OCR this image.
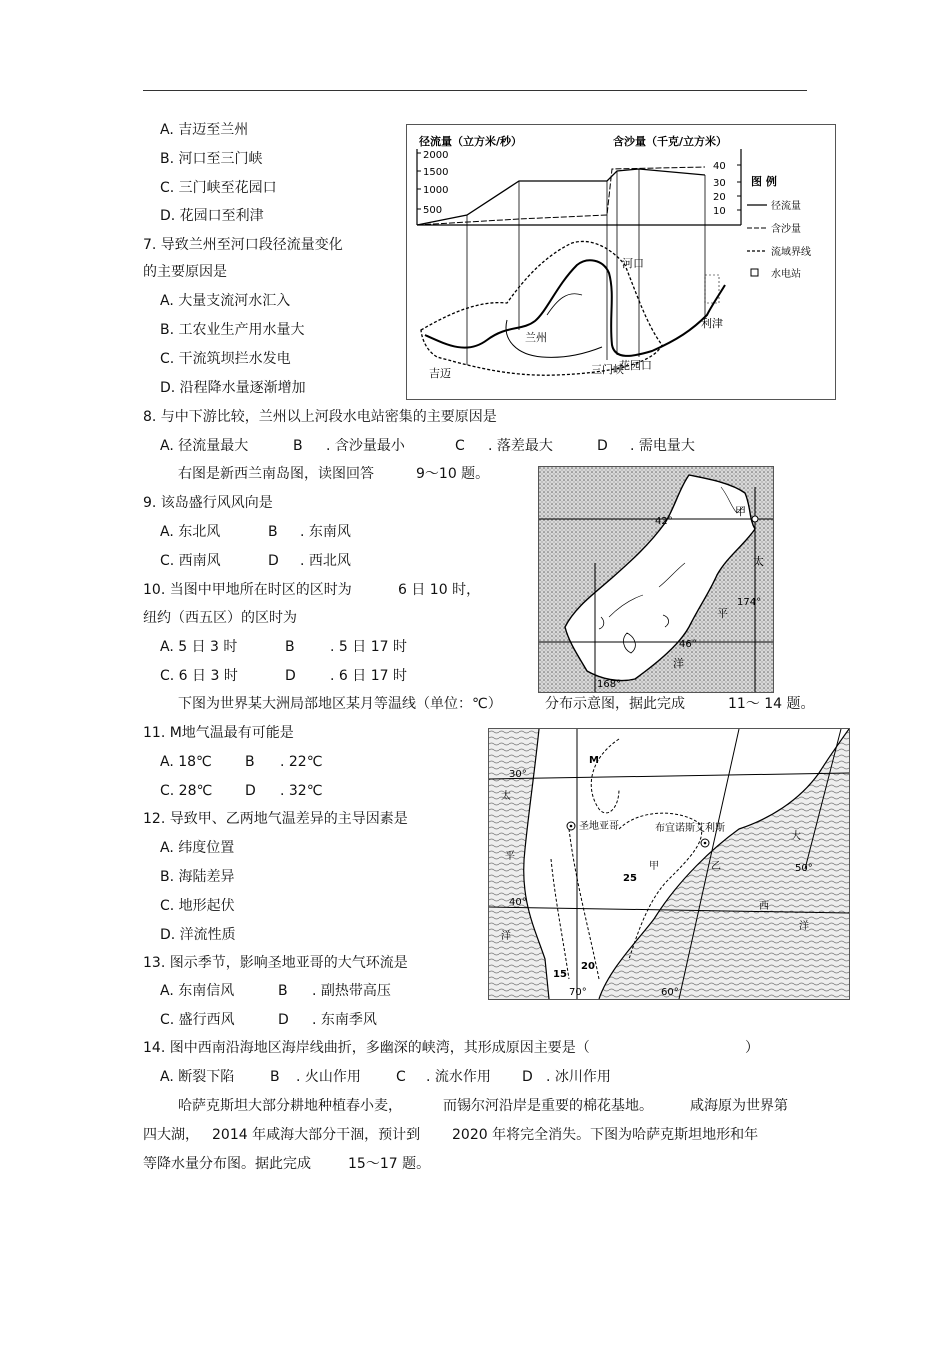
A. 吉迈至兰州
B. 河口至三门峡
C. 三门峡至花园口
D. 花园口至利津
7. 导致兰州至河口段径流量变化
的主要原因是
A. 大量支流河水汇入
B. 工农业生产用水量大
C. 干流筑坝拦水发电
D. 沿程降水量逐渐增加
径流量（立方米/秒）	含沙量（千克/立方米）
2000
1500
1000
500
40
30
20
10
图 例
径流量
含沙量
流域界线
水电站
河口
兰州
吉迈	三门峡
花园口
利津
8. 与中下游比较，兰州以上河段水电站密集的主要原因是
A. 径流量最大	B . 含沙量最小	C . 落差最大	D . 需电量大
右图是新西兰南岛图，读图回答	9～10 题。
甲
42°
46°
174°
168°
太
平
洋
9. 该岛盛行风风向是
A. 东北风	B . 东南风
C. 西南风	D . 西北风
10. 当图中甲地所在时区的区时为	6 日 10 时，
纽约（西五区）的区时为
A. 5 日 3 时	B	. 5 日 17 时
C. 6 日 3 时	D . 6 日 17 时
下图为世界某大洲局部地区某月等温线（单位：℃）	分布示意图，据此完成	11～ 14 题。
M
圣地亚哥	布宜诺斯艾利斯
甲	乙
太
平
洋
大
西
洋
30°
40°
50°
70°	60°
25
20
15
11. M地气温最有可能是
A. 18℃ B . 22℃
C. 28℃ D . 32℃
12. 导致甲、乙两地气温差异的主导因素是
A. 纬度位置
B. 海陆差异
C. 地形起伏
D. 洋流性质
13. 图示季节，影响圣地亚哥的大气环流是
A. 东南信风	B . 副热带高压
C. 盛行西风	D . 东南季风
14. 图中西南沿海地区海岸线曲折，多幽深的峡湾，其形成原因主要是（	）
A. 断裂下陷	B . 火山作用	C . 流水作用 D . 冰川作用
哈萨克斯坦大部分耕地种植春小麦，	而锡尔河沿岸是重要的棉花基地。	咸海原为世界第
四大湖， 2014 年咸海大部分干涸，预计到 2020 年将完全消失。下图为哈萨克斯坦地形和年
等降水量分布图。据此完成	15～17 题。
